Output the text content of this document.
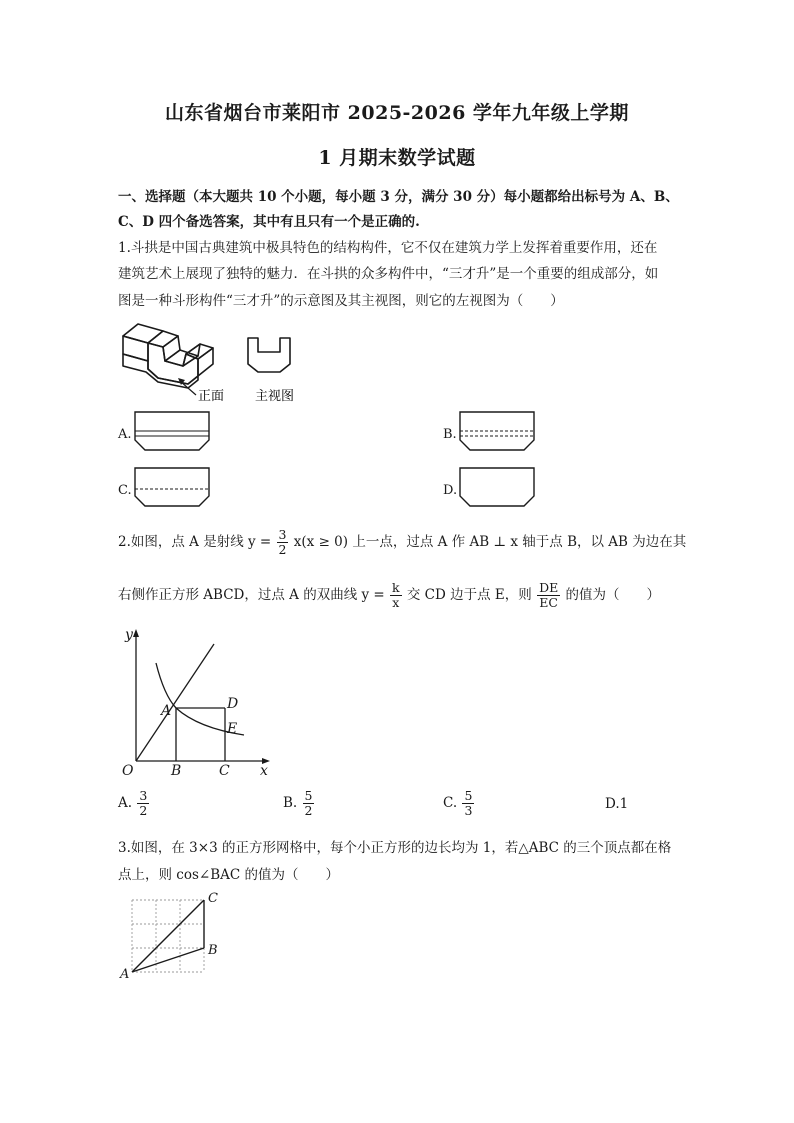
山东省烟台市莱阳市 2025-2026 学年九年级上学期
1 月期末数学试题
一、选择题（本大题共 10 个小题，每小题 3 分，满分 30 分）每小题都给出标号为 A、B、
C、D 四个备选答案，其中有且只有一个是正确的.
1.斗拱是中国古典建筑中极具特色的结构构件，它不仅在建筑力学上发挥着重要作用，还在
建筑艺术上展现了独特的魅力．在斗拱的众多构件中，“三才升”是一个重要的组成部分，如
图是一种斗形构件“三才升”的示意图及其主视图，则它的左视图为（　　）
正面 主视图
A.	B.
C.	D.
2.如图，点 A 是射线 $y = \frac{3}{2} x(x \ge 0)$ 上一点，过点 A 作 AB ⊥ x 轴于点 B，以 AB 为边在其
右侧作正方形 ABCD，过点 A 的双曲线 $y = \frac{k}{x}$ 交 CD 边于点 E，则 $\frac{DE}{EC}$ 的值为（　　）
y
x
O
A
B	C
D
E
A. $\frac{3}{2}$	B. $\frac{5}{2}$	C. $\frac{5}{3}$	D.1
3.如图，在 3×3 的正方形网格中，每个小正方形的边长均为 1，若△ABC 的三个顶点都在格
点上，则 cos∠BAC 的值为（　　）
A
B
C
